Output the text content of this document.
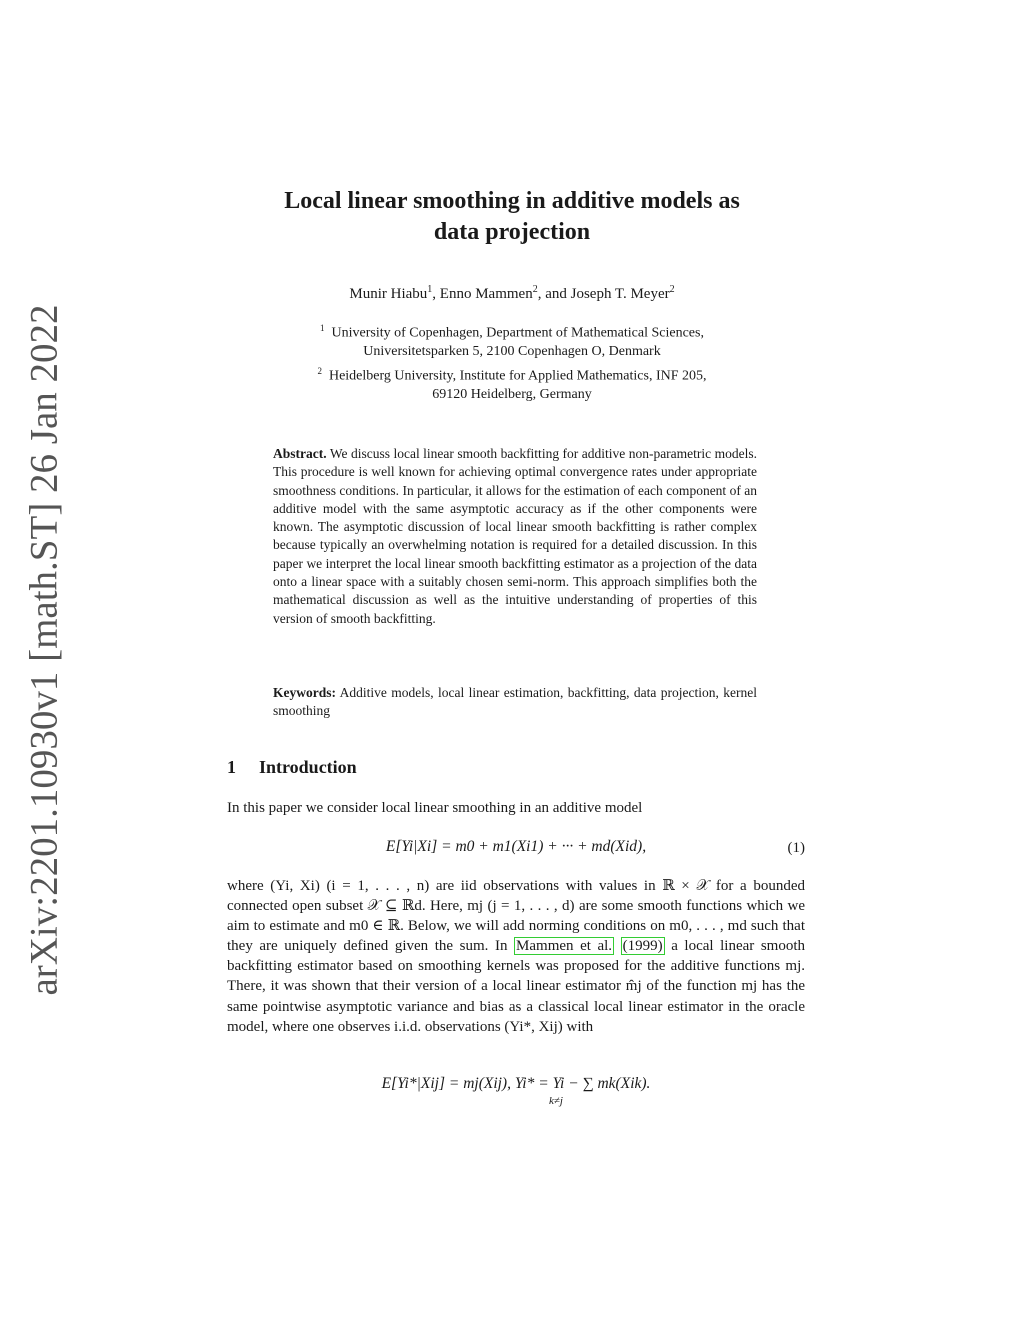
arXiv:2201.10930v1 [math.ST] 26 Jan 2022
Local linear smoothing in additive models as
data projection
Munir Hiabu$^1$, Enno Mammen$^2$, and Joseph T. Meyer$^2$
$^1$ University of Copenhagen, Department of Mathematical Sciences,
Universitetsparken 5, 2100 Copenhagen O, Denmark
$^2$ Heidelberg University, Institute for Applied Mathematics, INF 205,
69120 Heidelberg, Germany
Abstract. We discuss local linear smooth backfitting for additive non-parametric models. This procedure is well known for achieving optimal convergence rates under appropriate smoothness conditions. In particular, it allows for the estimation of each component of an additive model with the same asymptotic accuracy as if the other components were known. The asymptotic discussion of local linear smooth backfitting is rather complex because typically an overwhelming notation is required for a detailed discussion. In this paper we interpret the local linear smooth backfitting estimator as a projection of the data onto a linear space with a suitably chosen semi-norm. This approach simplifies both the mathematical discussion as well as the intuitive understanding of properties of this version of smooth backfitting.
Keywords: Additive models, local linear estimation, backfitting, data projection, kernel smoothing
1 Introduction
In this paper we consider local linear smoothing in an additive model
E[Yi|Xi] = m0 + m1(Xi1) + ··· + md(Xid),	(1)
where (Yi, Xi) (i = 1, . . . , n) are iid observations with values in ℝ × 𝒳 for a bounded connected open subset 𝒳 ⊆ ℝd. Here, mj (j = 1, . . . , d) are some smooth functions which we aim to estimate and m0 ∈ ℝ. Below, we will add norming conditions on m0, . . . , md such that they are uniquely defined given the sum. In Mammen et al. (1999) a local linear smooth backfitting estimator based on smoothing kernels was proposed for the additive functions mj. There, it was shown that their version of a local linear estimator m̂j of the function mj has the same pointwise asymptotic variance and bias as a classical local linear estimator in the oracle model, where one observes i.i.d. observations (Yi*, Xij) with
E[Yi*|Xij] = mj(Xij), Yi* = Yi − ∑ mk(Xik).
k≠j
